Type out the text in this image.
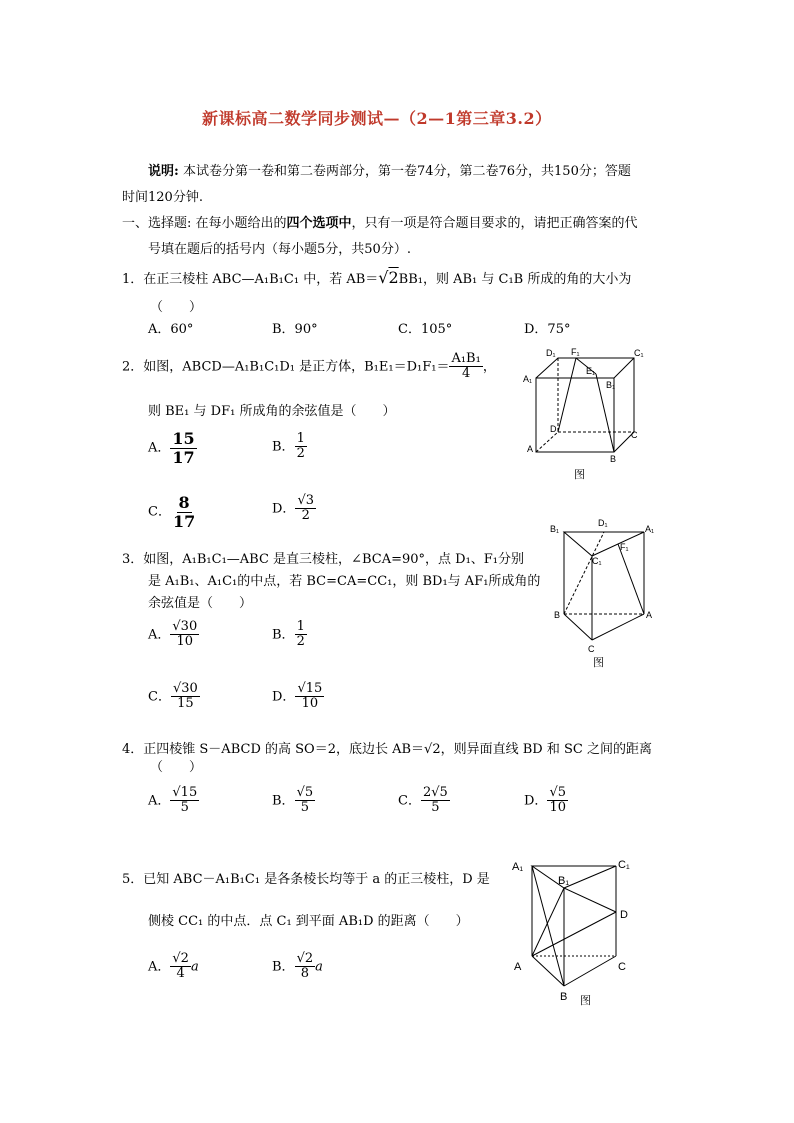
新课标高二数学同步测试—（2—1第三章3.2）
说明: 本试卷分第一卷和第二卷两部分，第一卷74分，第二卷76分，共150分；答题
时间120分钟.
一、选择题: 在每小题给出的四个选项中，只有一项是符合题目要求的，请把正确答案的代
号填在题后的括号内（每小题5分，共50分）.
1．在正三棱柱 ABC—A₁B₁C₁ 中，若 AB＝√2BB₁，则 AB₁ 与 C₁B 所成的角的大小为
（　　）
A．60°	B．90°	C．105°	D．75°
2．如图，ABCD—A₁B₁C₁D₁ 是正方体，$B_1E_1=D_1F_1= \frac{\text{A₁B₁}}{4}$ ，
则 BE₁ 与 DF₁ 所成角的余弦值是（　　）
A． $\frac{15}{17}$	B． $\frac{1}{2}$
C． $\frac{8}{17}$	D． $\frac{√3}{2}$
D₁ F₁	C₁
A₁
E₁
B₁
D
C
A
B
图
3．如图，A₁B₁C₁—ABC 是直三棱柱，∠BCA=90°，点 D₁、F₁分别
是 A₁B₁、A₁C₁的中点，若 BC=CA=CC₁，则 BD₁与 AF₁所成角的
余弦值是（　　）
A． $\frac{√30}{10}$	B． $\frac{1}{2}$
C． $\frac{√30}{15}$	D． $\frac{√15}{10}$
B₁
D₁
A₁
C₁
F₁
B	A
C
图
4．正四棱锥 S－ABCD 的高 SO＝2，底边长 AB＝√2，则异面直线 BD 和 SC 之间的距离
（　　）
A． $\frac{√15}{5}$	B． $\frac{√5}{5}$	C． $\frac{2√5}{5}$	D． $\frac{√5}{10}$
5．已知 ABC－A₁B₁C₁ 是各条棱长均等于 a 的正三棱柱，D 是
侧棱 CC₁ 的中点．点 C₁ 到平面 AB₁D 的距离（　　）
A． $\frac{√2}{4}$ a	B． $\frac{√2}{8}$ a
A₁
B₁
C₁
D
A	C
B 图
